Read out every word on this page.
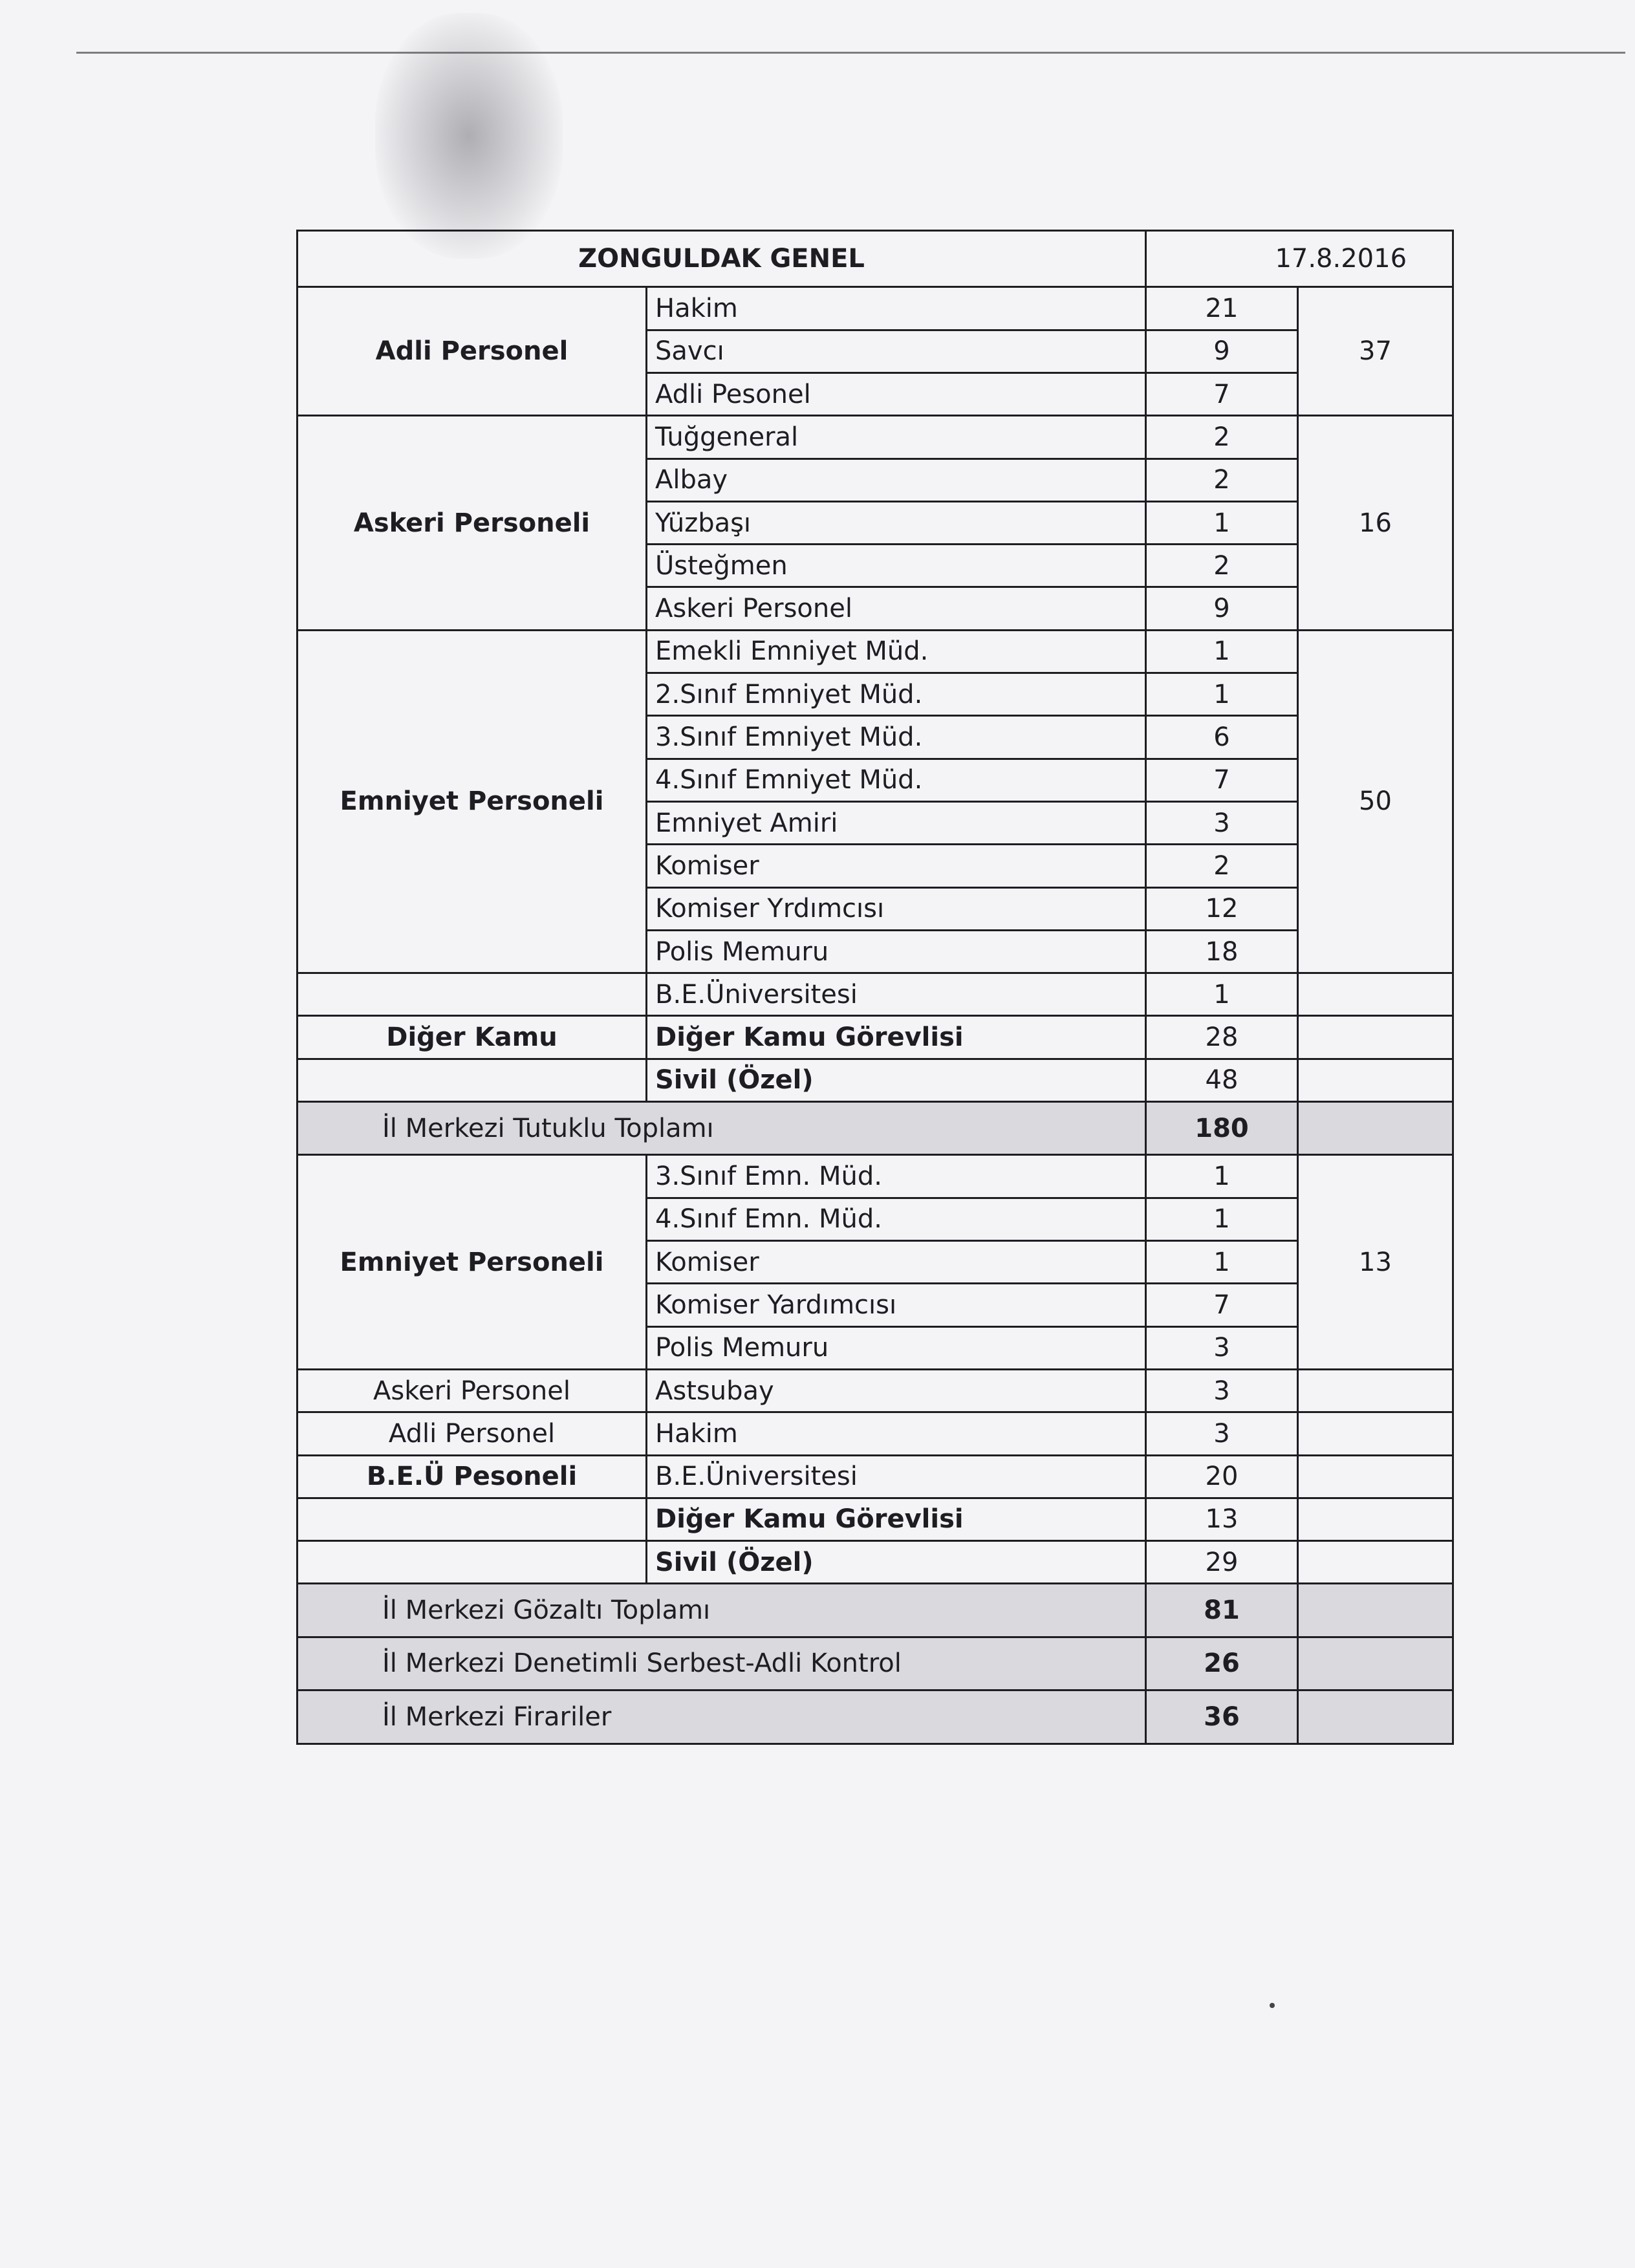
ZONGULDAK GENEL		17.8.2016	
Adli Personel	Hakim	21	37
	Savcı	9	
	Adli Pesonel	7	
Askeri Personeli	Tuğgeneral	2	16
	Albay	2	
	Yüzbaşı	1	
	Üsteğmen	2	
	Askeri Personel	9	
Emniyet Personeli	Emekli Emniyet Müd.	1	50
	2.Sınıf Emniyet Müd.	1	
	3.Sınıf Emniyet Müd.	6	
	4.Sınıf Emniyet Müd.	7	
	Emniyet Amiri	3	
	Komiser	2	
	Komiser Yrdımcısı	12	
	Polis Memuru	18	
	B.E.Üniversitesi	1	
Diğer Kamu	Diğer Kamu Görevlisi	28	
	Sivil (Özel)	48	
İl Merkezi Tutuklu Toplamı		180	
Emniyet Personeli	3.Sınıf Emn. Müd.	1	13
	4.Sınıf Emn. Müd.	1	
	Komiser	1	
	Komiser Yardımcısı	7	
	Polis Memuru	3	
Askeri Personel	Astsubay	3	
Adli Personel	Hakim	3	
B.E.Ü Pesoneli	B.E.Üniversitesi	20	
	Diğer Kamu Görevlisi	13	
	Sivil (Özel)	29	
İl Merkezi Gözaltı Toplamı		81	
İl Merkezi Denetimli Serbest-Adli Kontrol		26	
İl Merkezi Firariler		36	
